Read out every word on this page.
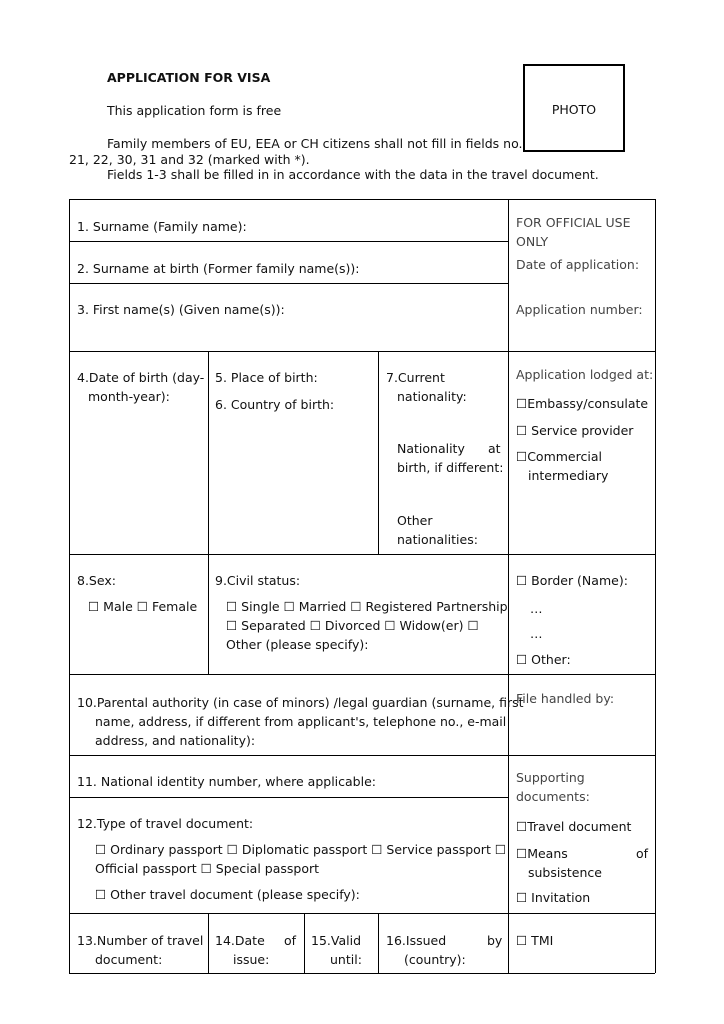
APPLICATION FOR VISA
This application form is free
Family members of EU, EEA or CH citizens shall not fill in fields no.
21, 22, 30, 31 and 32 (marked with *).
Fields 1-3 shall be filled in in accordance with the data in the travel document.
PHOTO
1. Surname (Family name):
2. Surname at birth (Former family name(s)):
3. First name(s) (Given name(s)):
4.Date of birth (day-
month-year):
5. Place of birth:
6. Country of birth:
7.Current
nationality:
Nationality at
birth, if different:
Other
nationalities:
8.Sex:
☐ Male ☐ Female
9.Civil status:
☐ Single ☐ Married ☐ Registered Partnership
☐ Separated ☐ Divorced ☐ Widow(er) ☐
Other (please specify):
10.Parental authority (in case of minors) /legal guardian (surname, first
name, address, if different from applicant's, telephone no., e-mail
address, and nationality):
11. National identity number, where applicable:
12.Type of travel document:
☐ Ordinary passport ☐ Diplomatic passport ☐ Service passport ☐
Official passport ☐ Special passport
☐ Other travel document (please specify):
13.Number of travel
document:
14.Date of
issue:
15.Valid
until:
16.Issued	by
(country):
FOR OFFICIAL USE
ONLY
Date of application:
Application number:
Application lodged at:
☐Embassy/consulate
☐ Service provider
☐Commercial
intermediary
☐ Border (Name):
…
…
☐ Other:
File handled by:
Supporting
documents:
☐Travel document
☐Means	of
subsistence
☐ Invitation
☐ TMI
